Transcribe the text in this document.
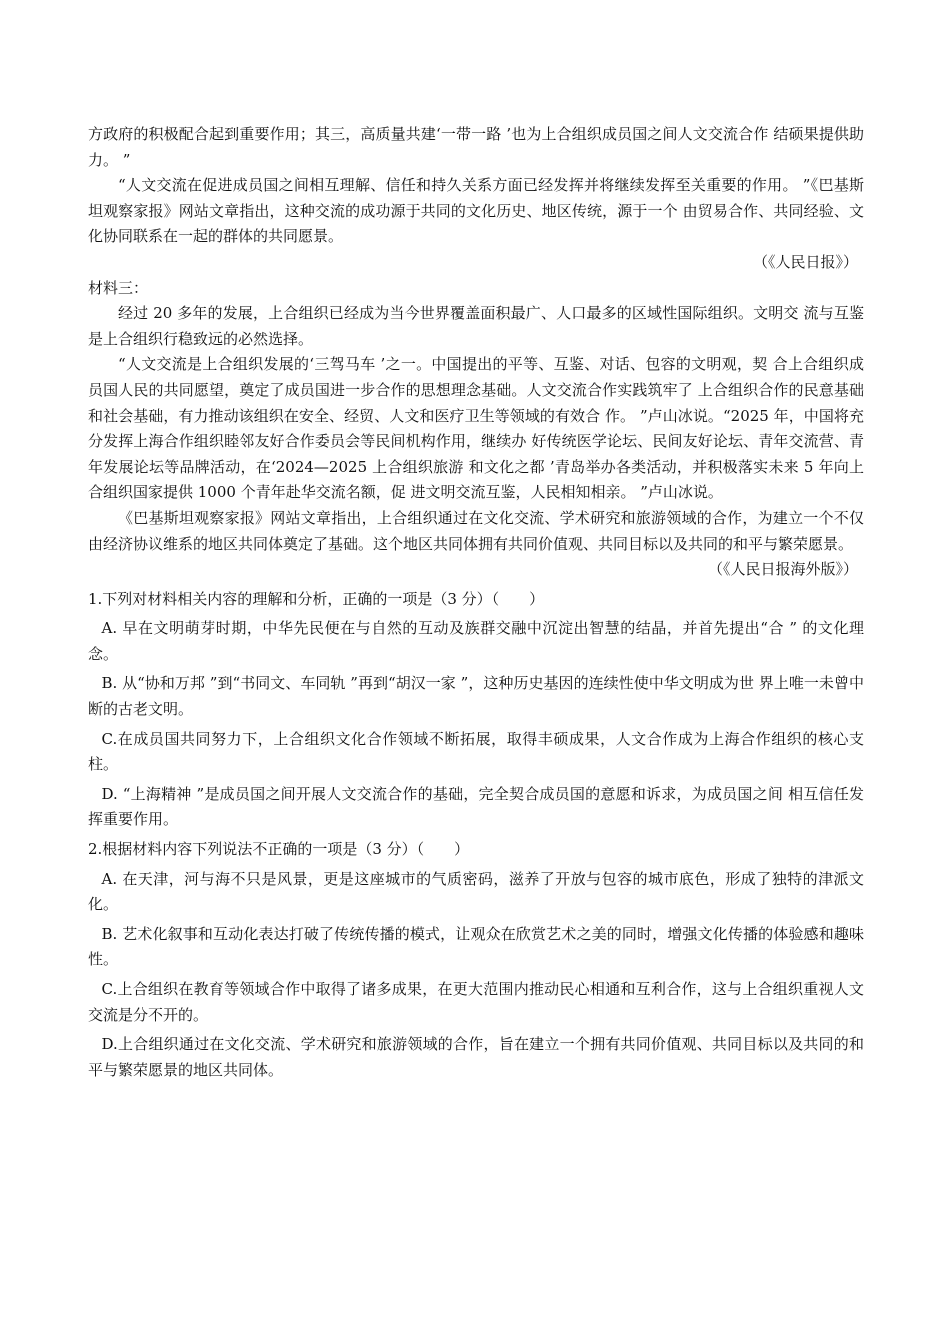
方政府的积极配合起到重要作用；其三，高质量共建‘一带一路 ’也为上合组织成员国之间人文交流合作 结硕果提供助力。 ”

“人文交流在促进成员国之间相互理解、信任和持久关系方面已经发挥并将继续发挥至关重要的作用。 ”《巴基斯坦观察家报》网站文章指出，这种交流的成功源于共同的文化历史、地区传统，源于一个 由贸易合作、共同经验、文化协同联系在一起的群体的共同愿景。

（《人民日报》）

材料三：

经过 20 多年的发展，上合组织已经成为当今世界覆盖面积最广、人口最多的区域性国际组织。文明交 流与互鉴是上合组织行稳致远的必然选择。

“人文交流是上合组织发展的‘三驾马车 ’之一。中国提出的平等、互鉴、对话、包容的文明观，契 合上合组织成员国人民的共同愿望，奠定了成员国进一步合作的思想理念基础。人文交流合作实践筑牢了 上合组织合作的民意基础和社会基础，有力推动该组织在安全、经贸、人文和医疗卫生等领域的有效合 作。 ”卢山冰说。“2025 年，中国将充分发挥上海合作组织睦邻友好合作委员会等民间机构作用，继续办 好传统医学论坛、民间友好论坛、青年交流营、青年发展论坛等品牌活动，在‘2024—2025 上合组织旅游 和文化之都 ’青岛举办各类活动，并积极落实未来 5 年向上合组织国家提供 1000 个青年赴华交流名额，促 进文明交流互鉴，人民相知相亲。 ”卢山冰说。

《巴基斯坦观察家报》网站文章指出，上合组织通过在文化交流、学术研究和旅游领域的合作，为建立一个不仅由经济协议维系的地区共同体奠定了基础。这个地区共同体拥有共同价值观、共同目标以及共同的和平与繁荣愿景。

（《人民日报海外版》）

1.下列对材料相关内容的理解和分析，正确的一项是（3 分）（　　）

A. 早在文明萌芽时期，中华先民便在与自然的互动及族群交融中沉淀出智慧的结晶，并首先提出“合 ” 的文化理念。

B. 从“协和万邦 ”到“书同文、车同轨 ”再到“胡汉一家 ”，这种历史基因的连续性使中华文明成为世 界上唯一未曾中断的古老文明。

C.在成员国共同努力下，上合组织文化合作领域不断拓展，取得丰硕成果，人文合作成为上海合作组织的核心支柱。

D. “上海精神 ”是成员国之间开展人文交流合作的基础，完全契合成员国的意愿和诉求，为成员国之间 相互信任发挥重要作用。

2.根据材料内容下列说法不正确的一项是（3 分）（　　）

A. 在天津，河与海不只是风景，更是这座城市的气质密码，滋养了开放与包容的城市底色，形成了独特的津派文化。

B. 艺术化叙事和互动化表达打破了传统传播的模式，让观众在欣赏艺术之美的同时，增强文化传播的体验感和趣味性。

C.上合组织在教育等领域合作中取得了诸多成果，在更大范围内推动民心相通和互利合作，这与上合组织重视人文交流是分不开的。

D.上合组织通过在文化交流、学术研究和旅游领域的合作，旨在建立一个拥有共同价值观、共同目标以及共同的和平与繁荣愿景的地区共同体。
